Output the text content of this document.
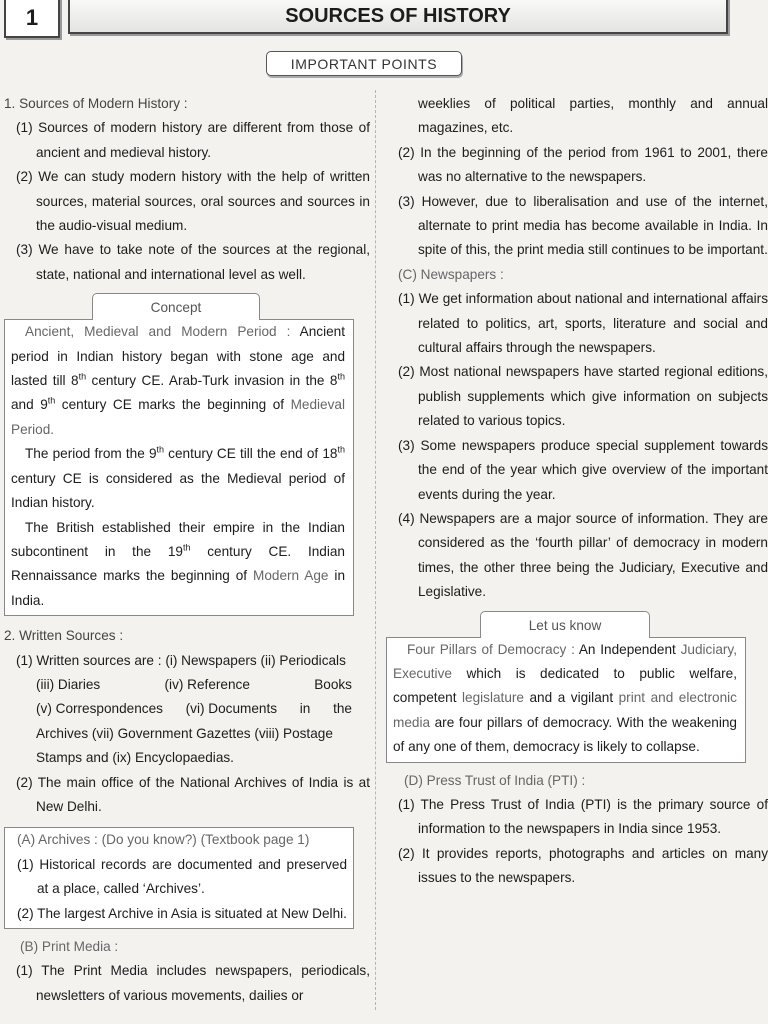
1	SOURCES OF HISTORY
IMPORTANT POINTS

1. Sources of Modern History :

(1) Sources of modern history are different from those of ancient and medieval history.

(2) We can study modern history with the help of written sources, material sources, oral sources and sources in the audio-visual medium.

(3) We have to take note of the sources at the regional, state, national and international level as well.

Concept

Ancient, Medieval and Modern Period : Ancient period in Indian history began with stone age and lasted till 8th century CE. Arab-Turk invasion in the 8th and 9th century CE marks the beginning of Medieval Period.

The period from the 9th century CE till the end of 18th century CE is considered as the Medieval period of Indian history.

The British established their empire in the Indian subcontinent in the 19th century CE. Indian Rennaissance marks the beginning of Modern Age in India.

2. Written Sources :

(1) Written sources are : (i) Newspapers (ii) Periodicals

(iii) Diaries	(iv) Reference	Books
(v) Correspondences (vi) Documents in the

Archives (vii) Government Gazettes (viii) Postage

Stamps and (ix) Encyclopaedias.

(2) The main office of the National Archives of India is at New Delhi.

(A) Archives : (Do you know?) (Textbook page 1)

(1) Historical records are documented and preserved at a place, called ‘Archives’.

(2) The largest Archive in Asia is situated at New Delhi.

(B) Print Media :

(1) The Print Media includes newspapers, periodicals, newsletters of various movements, dailies or

weeklies of political parties, monthly and annual magazines, etc.

(2) In the beginning of the period from 1961 to 2001, there was no alternative to the newspapers.

(3) However, due to liberalisation and use of the internet, alternate to print media has become available in India. In spite of this, the print media still continues to be important.

(C) Newspapers :

(1) We get information about national and international affairs related to politics, art, sports, literature and social and cultural affairs through the newspapers.

(2) Most national newspapers have started regional editions, publish supplements which give information on subjects related to various topics.

(3) Some newspapers produce special supplement towards the end of the year which give overview of the important events during the year.

(4) Newspapers are a major source of information. They are considered as the ‘fourth pillar’ of democracy in modern times, the other three being the Judiciary, Executive and Legislative.

Let us know

Four Pillars of Democracy : An Independent Judiciary, Executive which is dedicated to public welfare, competent legislature and a vigilant print and electronic media are four pillars of democracy. With the weakening of any one of them, democracy is likely to collapse.

(D) Press Trust of India (PTI) :

(1) The Press Trust of India (PTI) is the primary source of information to the newspapers in India since 1953.

(2) It provides reports, photographs and articles on many issues to the newspapers.
